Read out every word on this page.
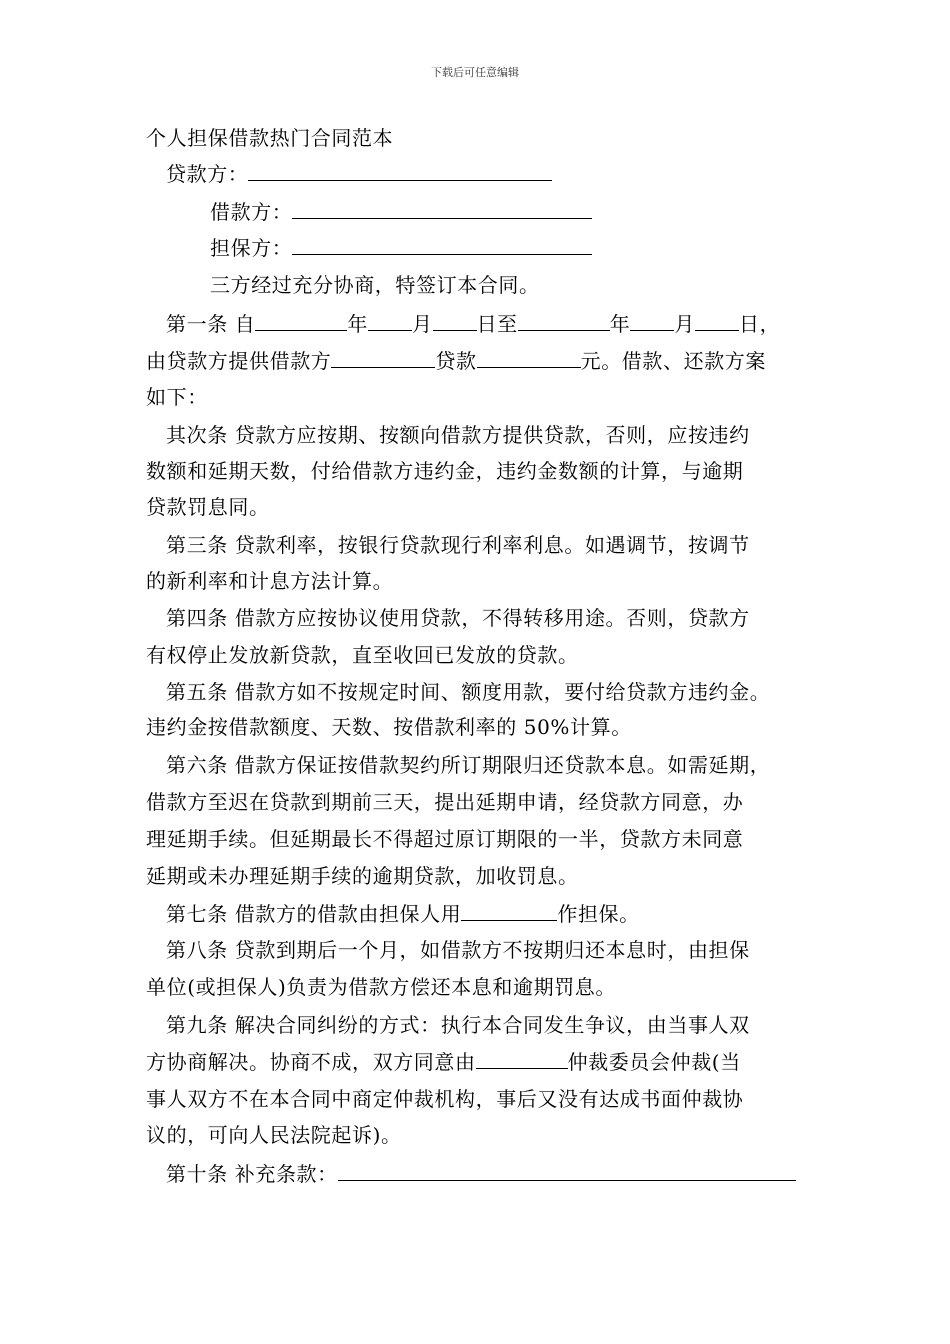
下载后可任意编辑
个人担保借款热门合同范本
贷款方：
借款方：
担保方：
三方经过充分协商，特签订本合同。
第一条 自	年 月 日至	年 月 日，
由贷款方提供借款方	贷款	元。借款、还款方案
如下：
其次条 贷款方应按期、按额向借款方提供贷款，否则，应按违约
数额和延期天数，付给借款方违约金，违约金数额的计算，与逾期
贷款罚息同。
第三条 贷款利率，按银行贷款现行利率利息。如遇调节，按调节
的新利率和计息方法计算。
第四条 借款方应按协议使用贷款，不得转移用途。否则，贷款方
有权停止发放新贷款，直至收回已发放的贷款。
第五条 借款方如不按规定时间、额度用款，要付给贷款方违约金。
违约金按借款额度、天数、按借款利率的 50%计算。
第六条 借款方保证按借款契约所订期限归还贷款本息。如需延期，
借款方至迟在贷款到期前三天，提出延期申请，经贷款方同意，办
理延期手续。但延期最长不得超过原订期限的一半，贷款方未同意
延期或未办理延期手续的逾期贷款，加收罚息。
第七条 借款方的借款由担保人用	作担保。
第八条 贷款到期后一个月，如借款方不按期归还本息时，由担保
单位(或担保人)负责为借款方偿还本息和逾期罚息。
第九条 解决合同纠纷的方式：执行本合同发生争议，由当事人双
方协商解决。协商不成，双方同意由	仲裁委员会仲裁(当
事人双方不在本合同中商定仲裁机构，事后又没有达成书面仲裁协
议的，可向人民法院起诉)。
第十条 补充条款：
